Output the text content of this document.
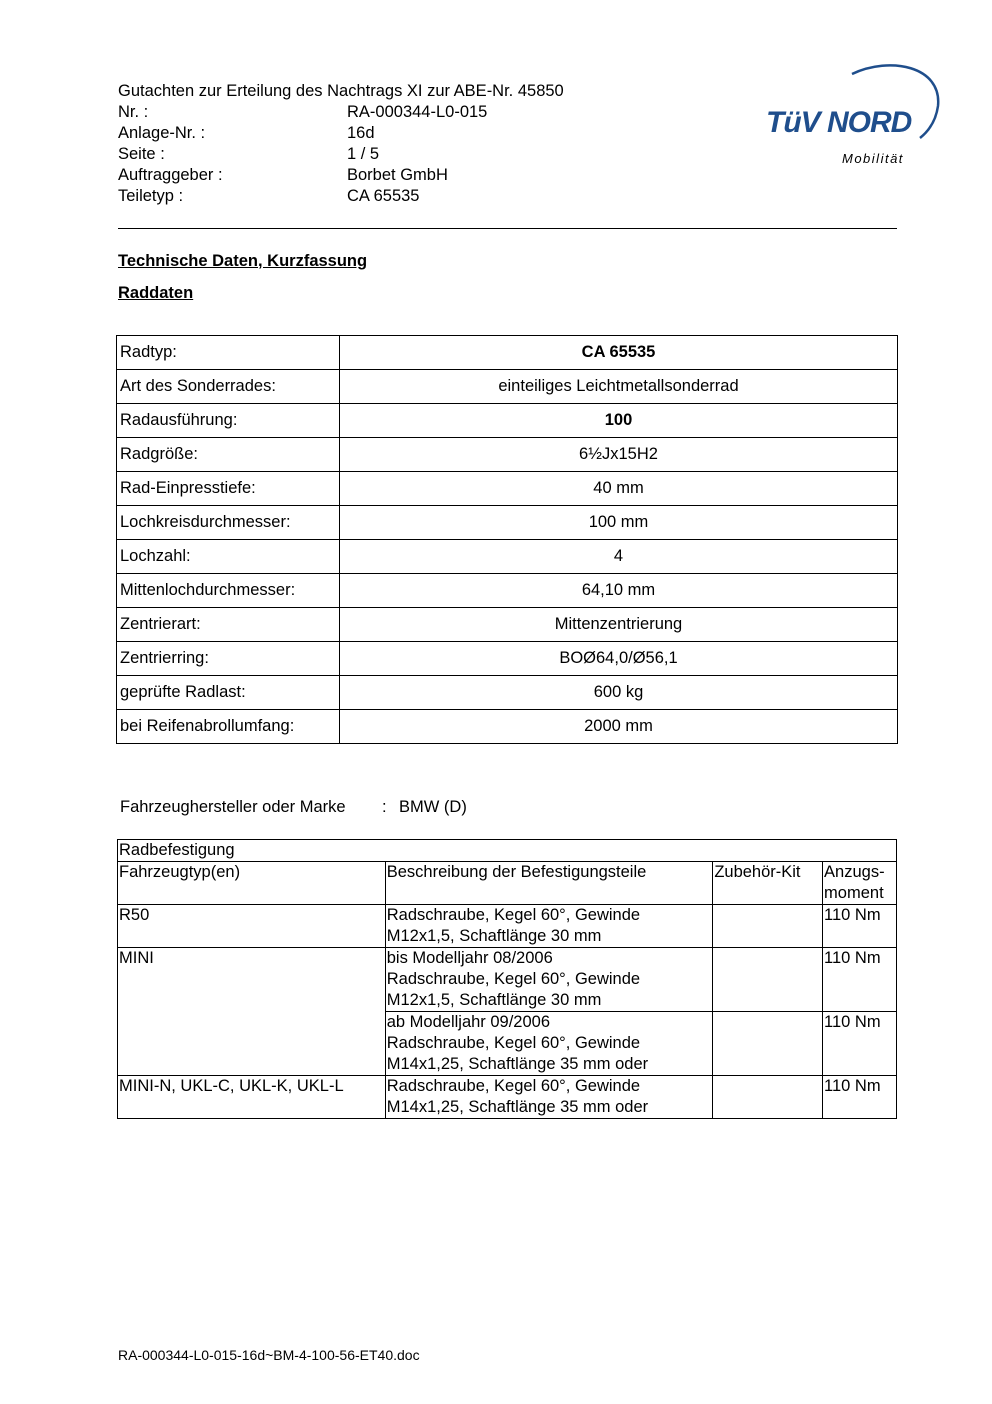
Gutachten zur Erteilung des Nachtrags XI zur ABE-Nr. 45850
Nr. :	RA-000344-L0-015
Anlage-Nr. :	16d
Seite :	1 / 5
Auftraggeber :	Borbet GmbH
Teiletyp :	CA 65535
TüV NORD
Mobilität
Technische Daten, Kurzfassung
Raddaten
Radtyp:	CA 65535
Art des Sonderrades:	einteiliges Leichtmetallsonderrad
Radausführung:	100
Radgröße:	6½Jx15H2
Rad-Einpresstiefe:	40 mm
Lochkreisdurchmesser:	100 mm
Lochzahl:	4
Mittenlochdurchmesser:	64,10 mm
Zentrierart:	Mittenzentrierung
Zentrierring:	BOØ64,0/Ø56,1
geprüfte Radlast:	600 kg
bei Reifenabrollumfang:	2000 mm
Fahrzeughersteller oder Marke : BMW (D)
Radbefestigung			
Fahrzeugtyp(en)	Beschreibung der Befestigungsteile	Zubehör-Kit	Anzugs-
moment

R50	Radschraube, Kegel 60°, Gewinde
M12x1,5, Schaftlänge 30 mm		110 Nm
MINI	bis Modelljahr 08/2006
Radschraube, Kegel 60°, Gewinde
M12x1,5, Schaftlänge 30 mm		110 Nm

	ab Modelljahr 09/2006
Radschraube, Kegel 60°, Gewinde
M14x1,25, Schaftlänge 35 mm oder		110 Nm
MINI-N, UKL-C, UKL-K, UKL-L	Radschraube, Kegel 60°, Gewinde
M14x1,25, Schaftlänge 35 mm oder		110 Nm
RA-000344-L0-015-16d~BM-4-100-56-ET40.doc
